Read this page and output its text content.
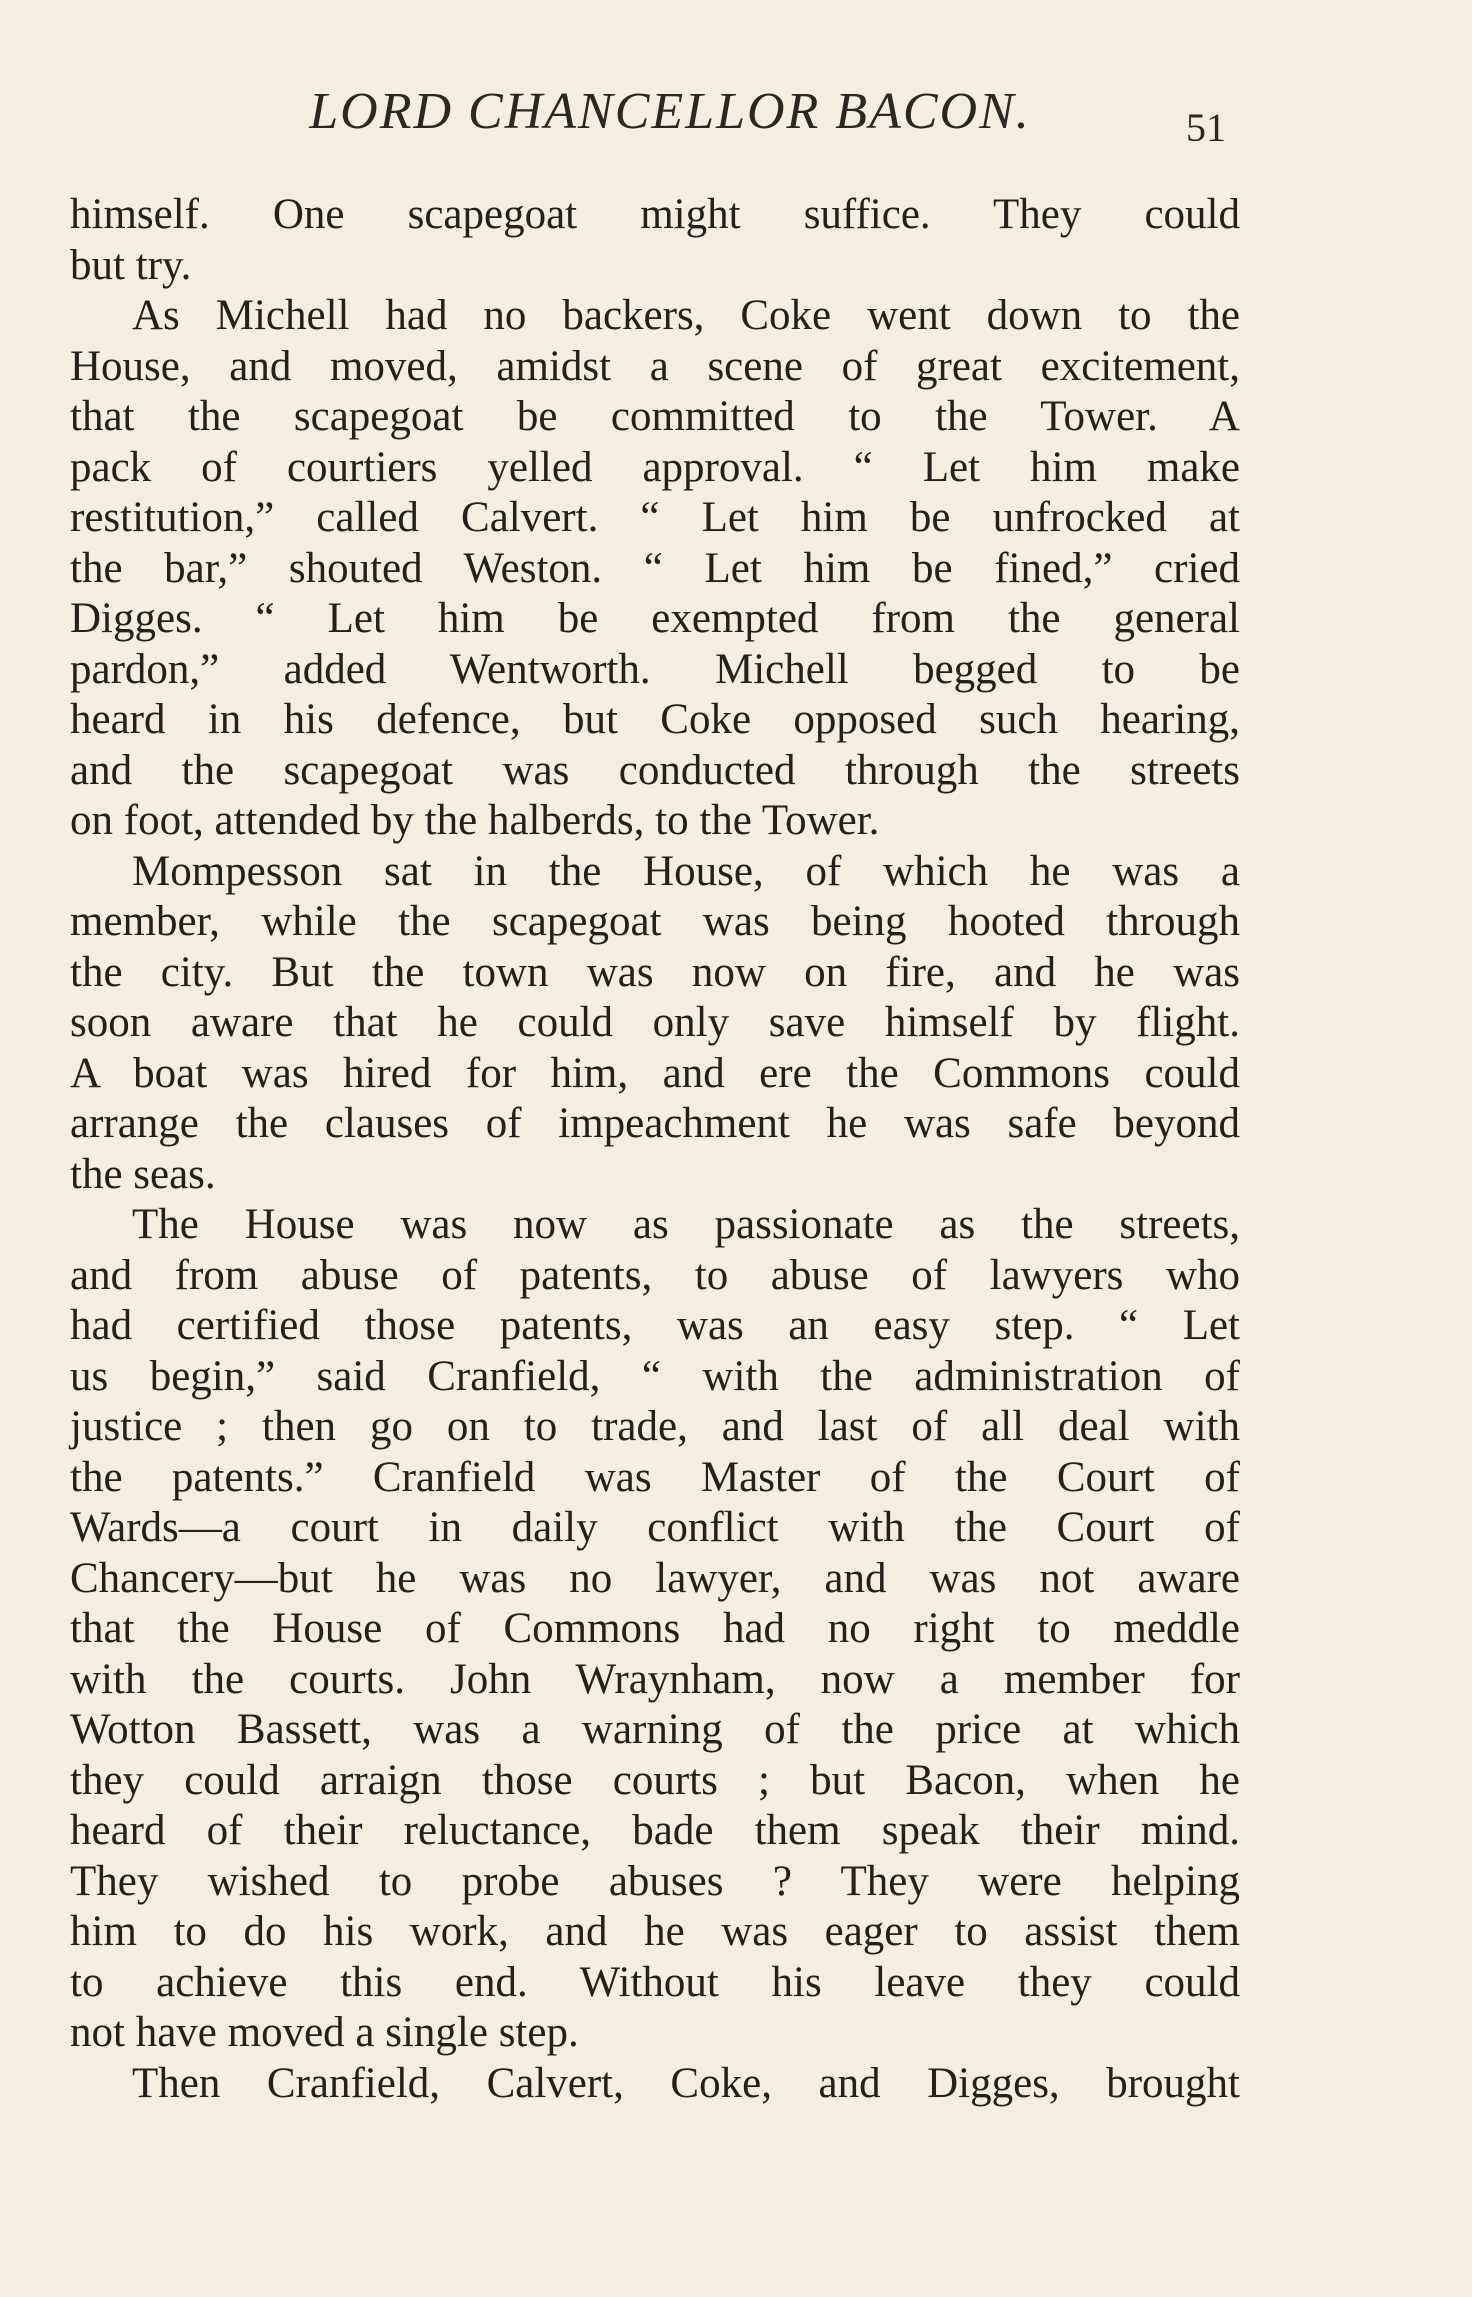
LORD CHANCELLOR BACON.	51
himself. One scapegoat might suffice. They could
but try.
As Michell had no backers, Coke went down to the
House, and moved, amidst a scene of great excitement,
that the scapegoat be committed to the Tower. A
pack of courtiers yelled approval. “ Let him make
restitution,” called Calvert. “ Let him be unfrocked at
the bar,” shouted Weston. “ Let him be fined,” cried
Digges. “ Let him be exempted from the general
pardon,” added Wentworth. Michell begged to be
heard in his defence, but Coke opposed such hearing,
and the scapegoat was conducted through the streets
on foot, attended by the halberds, to the Tower.
Mompesson sat in the House, of which he was a
member, while the scapegoat was being hooted through
the city. But the town was now on fire, and he was
soon aware that he could only save himself by flight.
A boat was hired for him, and ere the Commons could
arrange the clauses of impeachment he was safe beyond
the seas.
The House was now as passionate as the streets,
and from abuse of patents, to abuse of lawyers who
had certified those patents, was an easy step. “ Let
us begin,” said Cranfield, “ with the administration of
justice ; then go on to trade, and last of all deal with
the patents.” Cranfield was Master of the Court of
Wards—a court in daily conflict with the Court of
Chancery—but he was no lawyer, and was not aware
that the House of Commons had no right to meddle
with the courts. John Wraynham, now a member for
Wotton Bassett, was a warning of the price at which
they could arraign those courts ; but Bacon, when he
heard of their reluctance, bade them speak their mind.
They wished to probe abuses ? They were helping
him to do his work, and he was eager to assist them
to achieve this end. Without his leave they could
not have moved a single step.
Then Cranfield, Calvert, Coke, and Digges, brought
